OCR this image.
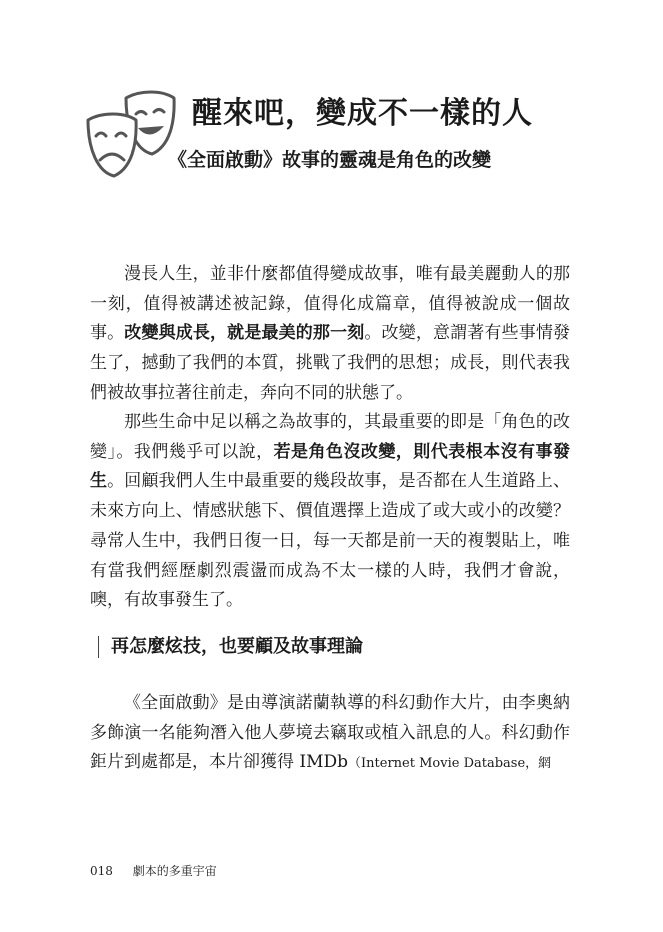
醒來吧，變成不一樣的人
《全面啟動》故事的靈魂是角色的改變

漫長人生，並非什麼都值得變成故事，唯有最美麗動人的那一刻，值得被講述被記錄，值得化成篇章，值得被說成一個故事。改變與成長，就是最美的那一刻。改變，意謂著有些事情發生了，撼動了我們的本質，挑戰了我們的思想；成長，則代表我們被故事拉著往前走，奔向不同的狀態了。

那些生命中足以稱之為故事的，其最重要的即是「角色的改變」。我們幾乎可以說，若是角色沒改變，則代表根本沒有事發生。回顧我們人生中最重要的幾段故事，是否都在人生道路上、未來方向上、情感狀態下、價值選擇上造成了或大或小的改變？尋常人生中，我們日復一日，每一天都是前一天的複製貼上，唯有當我們經歷劇烈震盪而成為不太一樣的人時，我們才會說，噢，有故事發生了。

再怎麼炫技，也要顧及故事理論

《全面啟動》是由導演諾蘭執導的科幻動作大片，由李奧納多飾演一名能夠潛入他人夢境去竊取或植入訊息的人。科幻動作鉅片到處都是，本片卻獲得 IMDb（Internet Movie Database，網

018 劇本的多重宇宙
